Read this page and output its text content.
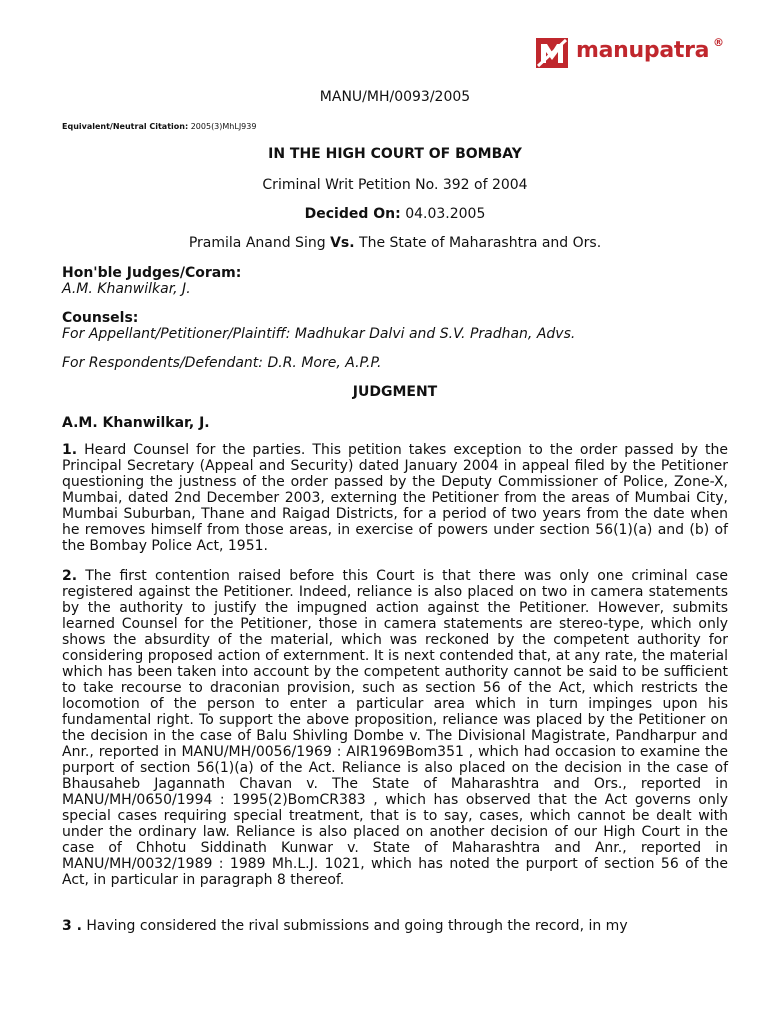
manupatra ®
MANU/MH/0093/2005
Equivalent/Neutral Citation: 2005(3)MhLJ939
IN THE HIGH COURT OF BOMBAY
Criminal Writ Petition No. 392 of 2004
Decided On: 04.03.2005
Pramila Anand Sing Vs. The State of Maharashtra and Ors.
Hon'ble Judges/Coram:
A.M. Khanwilkar, J.
Counsels:
For Appellant/Petitioner/Plaintiff: Madhukar Dalvi and S.V. Pradhan, Advs.
For Respondents/Defendant: D.R. More, A.P.P.
JUDGMENT
A.M. Khanwilkar, J.
1. Heard Counsel for the parties. This petition takes exception to the order passed by the Principal Secretary (Appeal and Security) dated January 2004 in appeal filed by the Petitioner questioning the justness of the order passed by the Deputy Commissioner of Police, Zone-X, Mumbai, dated 2nd December 2003, externing the Petitioner from the areas of Mumbai City, Mumbai Suburban, Thane and Raigad Districts, for a period of two years from the date when he removes himself from those areas, in exercise of powers under section 56(1)(a) and (b) of the Bombay Police Act, 1951.
2. The first contention raised before this Court is that there was only one criminal case registered against the Petitioner. Indeed, reliance is also placed on two in camera statements by the authority to justify the impugned action against the Petitioner. However, submits learned Counsel for the Petitioner, those in camera statements are stereo-type, which only shows the absurdity of the material, which was reckoned by the competent authority for considering proposed action of externment. It is next contended that, at any rate, the material which has been taken into account by the competent authority cannot be said to be sufficient to take recourse to draconian provision, such as section 56 of the Act, which restricts the locomotion of the person to enter a particular area which in turn impinges upon his fundamental right. To support the above proposition, reliance was placed by the Petitioner on the decision in the case of Balu Shivling Dombe v. The Divisional Magistrate, Pandharpur and Anr., reported in MANU/MH/0056/1969 : AIR1969Bom351 , which had occasion to examine the purport of section 56(1)(a) of the Act. Reliance is also placed on the decision in the case of Bhausaheb Jagannath Chavan v. The State of Maharashtra and Ors., reported in MANU/MH/0650/1994 : 1995(2)BomCR383 , which has observed that the Act governs only special cases requiring special treatment, that is to say, cases, which cannot be dealt with under the ordinary law. Reliance is also placed on another decision of our High Court in the case of Chhotu Siddinath Kunwar v. State of Maharashtra and Anr., reported in MANU/MH/0032/1989 : 1989 Mh.L.J. 1021, which has noted the purport of section 56 of the Act, in particular in paragraph 8 thereof.
3 . Having considered the rival submissions and going through the record, in my
